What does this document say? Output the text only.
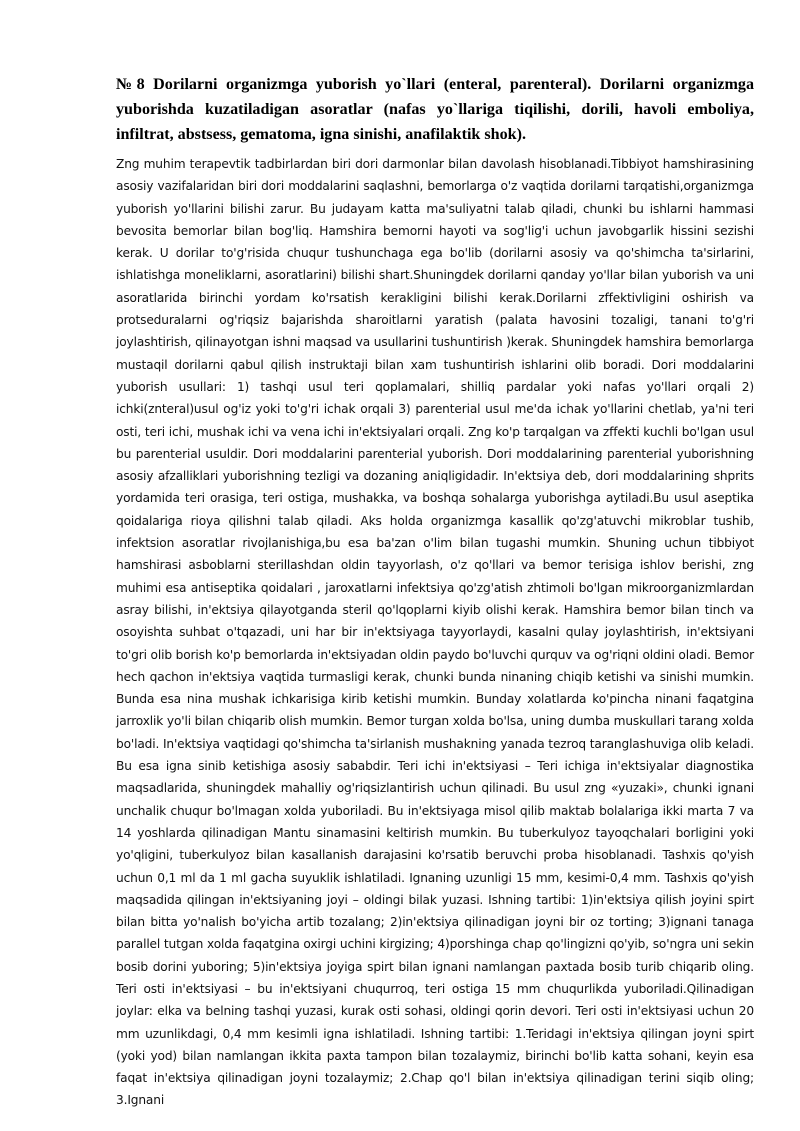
№8 Dorilarni organizmga yuborish yo`llari (enteral, parenteral). Dorilarni organizmga yuborishda kuzatiladigan asoratlar (nafas yo`llariga tiqilishi, dorili, havoli emboliya, infiltrat, abstsess, gematoma, igna sinishi, anafilaktik shok).

Zng muhim terapevtik tadbirlardan biri dori darmonlar bilan davolash hisoblanadi.Tibbiyot hamshirasining asosiy vazifalaridan biri dori moddalarini saqlashni, bemorlarga o'z vaqtida dorilarni tarqatishi,organizmga yuborish yo'llarini bilishi zarur. Bu judayam katta ma'suliyatni talab qiladi, chunki bu ishlarni hammasi bevosita bemorlar bilan bog'liq. Hamshira bemorni hayoti va sog'lig'i uchun javobgarlik hissini sezishi kerak. U dorilar to'g'risida chuqur tushunchaga ega bo'lib (dorilarni asosiy va qo'shimcha ta'sirlarini, ishlatishga moneliklarni, asoratlarini) bilishi shart.Shuningdek dorilarni qanday yo'llar bilan yuborish va uni asoratlarida birinchi yordam ko'rsatish kerakligini bilishi kerak.Dorilarni zffektivligini oshirish va protseduralarni og'riqsiz bajarishda sharoitlarni yaratish (palata havosini tozaligi, tanani to'g'ri joylashtirish, qilinayotgan ishni maqsad va usullarini tushuntirish )kerak. Shuningdek hamshira bemorlarga mustaqil dorilarni qabul qilish instruktaji bilan xam tushuntirish ishlarini olib boradi. Dori moddalarini yuborish usullari: 1) tashqi usul teri qoplamalari, shilliq pardalar yoki nafas yo'llari orqali 2) ichki(znteral)usul og'iz yoki to'g'ri ichak orqali 3) parenterial usul me'da ichak yo'llarini chetlab, ya'ni teri osti, teri ichi, mushak ichi va vena ichi in'ektsiyalari orqali. Zng ko'p tarqalgan va zffekti kuchli bo'lgan usul bu parenterial usuldir. Dori moddalarini parenterial yuborish. Dori moddalarining parenterial yuborishning asosiy afzalliklari yuborishning tezligi va dozaning aniqligidadir. In'ektsiya deb, dori moddalarining shprits yordamida teri orasiga, teri ostiga, mushakka, va boshqa sohalarga yuborishga aytiladi.Bu usul aseptika qoidalariga rioya qilishni talab qiladi. Aks holda organizmga kasallik qo'zg'atuvchi mikroblar tushib, infektsion asoratlar rivojlanishiga,bu esa ba'zan o'lim bilan tugashi mumkin. Shuning uchun tibbiyot hamshirasi asboblarni sterillashdan oldin tayyorlash, o'z qo'llari va bemor terisiga ishlov berishi, zng muhimi esa antiseptika qoidalari , jaroxatlarni infektsiya qo'zg'atish zhtimoli bo'lgan mikroorganizmlardan asray bilishi, in'ektsiya qilayotganda steril qo'lqoplarni kiyib olishi kerak. Hamshira bemor bilan tinch va osoyishta suhbat o'tqazadi, uni har bir in'ektsiyaga tayyorlaydi, kasalni qulay joylashtirish, in'ektsiyani to'gri olib borish ko'p bemorlarda in'ektsiyadan oldin paydo bo'luvchi qurquv va og'riqni oldini oladi. Bemor hech qachon in'ektsiya vaqtida turmasligi kerak, chunki bunda ninaning chiqib ketishi va sinishi mumkin. Bunda esa nina mushak ichkarisiga kirib ketishi mumkin. Bunday xolatlarda ko'pincha ninani faqatgina jarroxlik yo'li bilan chiqarib olish mumkin. Bemor turgan xolda bo'lsa, uning dumba muskullari tarang xolda bo'ladi. In'ektsiya vaqtidagi qo'shimcha ta'sirlanish mushakning yanada tezroq taranglashuviga olib keladi. Bu esa igna sinib ketishiga asosiy sababdir. Teri ichi in'ektsiyasi – Teri ichiga in'ektsiyalar diagnostika maqsadlarida, shuningdek mahalliy og'riqsizlantirish uchun qilinadi. Bu usul zng «yuzaki», chunki ignani unchalik chuqur bo'lmagan xolda yuboriladi. Bu in'ektsiyaga misol qilib maktab bolalariga ikki marta 7 va 14 yoshlarda qilinadigan Mantu sinamasini keltirish mumkin. Bu tuberkulyoz tayoqchalari borligini yoki yo'qligini, tuberkulyoz bilan kasallanish darajasini ko'rsatib beruvchi proba hisoblanadi. Tashxis qo'yish uchun 0,1 ml da 1 ml gacha suyuklik ishlatiladi. Ignaning uzunligi 15 mm, kesimi-0,4 mm. Tashxis qo'yish maqsadida qilingan in'ektsiyaning joyi – oldingi bilak yuzasi. Ishning tartibi: 1)in'ektsiya qilish joyini spirt bilan bitta yo'nalish bo'yicha artib tozalang; 2)in'ektsiya qilinadigan joyni bir oz torting; 3)ignani tanaga parallel tutgan xolda faqatgina oxirgi uchini kirgizing; 4)porshinga chap qo'lingizni qo'yib, so'ngra uni sekin bosib dorini yuboring; 5)in'ektsiya joyiga spirt bilan ignani namlangan paxtada bosib turib chiqarib oling. Teri osti in'ektsiyasi – bu in'ektsiyani chuqurroq, teri ostiga 15 mm chuqurlikda yuboriladi.Qilinadigan joylar: elka va belning tashqi yuzasi, kurak osti sohasi, oldingi qorin devori. Teri osti in'ektsiyasi uchun 20 mm uzunlikdagi, 0,4 mm kesimli igna ishlatiladi. Ishning tartibi: 1.Teridagi in'ektsiya qilingan joyni spirt (yoki yod) bilan namlangan ikkita paxta tampon bilan tozalaymiz, birinchi bo'lib katta sohani, keyin esa faqat in'ektsiya qilinadigan joyni tozalaymiz; 2.Chap qo'l bilan in'ektsiya qilinadigan terini siqib oling; 3.Ignani
